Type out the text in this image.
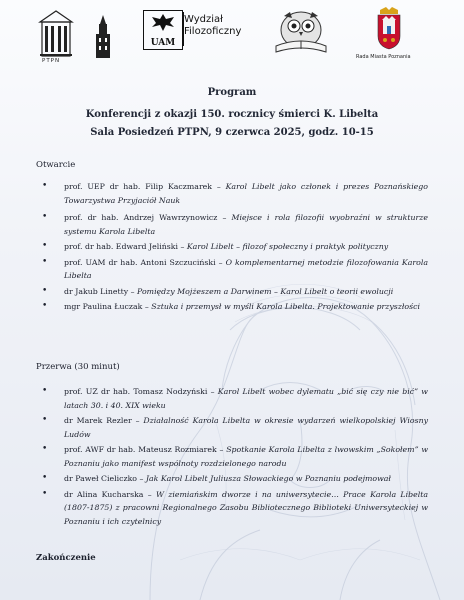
PTPN
UAM
Wydział
Filozoficzny
Rada Miasta Poznania
Program
Konferencji z okazji 150. rocznicy śmierci K. Libelta
Sala Posiedzeń PTPN, 9 czerwca 2025, godz. 10-15
Otwarcie
• prof. UEP dr hab. Filip Kaczmarek – Karol Libelt jako członek i prezes Poznańskiego Towarzystwa Przyjaciół Nauk
• prof. dr hab. Andrzej Wawrzynowicz – Miejsce i rola filozofii wyobraźni w strukturze systemu Karola Libelta
• prof. dr hab. Edward Jeliński – Karol Libelt – filozof społeczny i praktyk polityczny
• prof. UAM dr hab. Antoni Szczuciński – O komplementarnej metodzie filozofowania Karola Libelta
• dr Jakub Linetty – Pomiędzy Mojżeszem a Darwinem – Karol Libelt o teorii ewolucji
• mgr Paulina Łuczak – Sztuka i przemysł w myśli Karola Libelta. Projektowanie przyszłości
Przerwa (30 minut)
• prof. UZ dr hab. Tomasz Nodzyński – Karol Libelt wobec dylematu „bić się czy nie bić” w latach 30. i 40. XIX wieku
• dr Marek Rezler – Działalność Karola Libelta w okresie wydarzeń wielkopolskiej Wiosny Ludów
• prof. AWF dr hab. Mateusz Rozmiarek – Spotkanie Karola Libelta z lwowskim „Sokołem” w Poznaniu jako manifest wspólnoty rozdzielonego narodu
• dr Paweł Cieliczko – Jak Karol Libelt Juliusza Słowackiego w Poznaniu podejmował
• dr Alina Kucharska – W ziemiańskim dworze i na uniwersytecie… Prace Karola Libelta (1807-1875) z pracowni Regionalnego Zasobu Bibliotecznego Biblioteki Uniwersyteckiej w Poznaniu i ich czytelnicy
Zakończenie
